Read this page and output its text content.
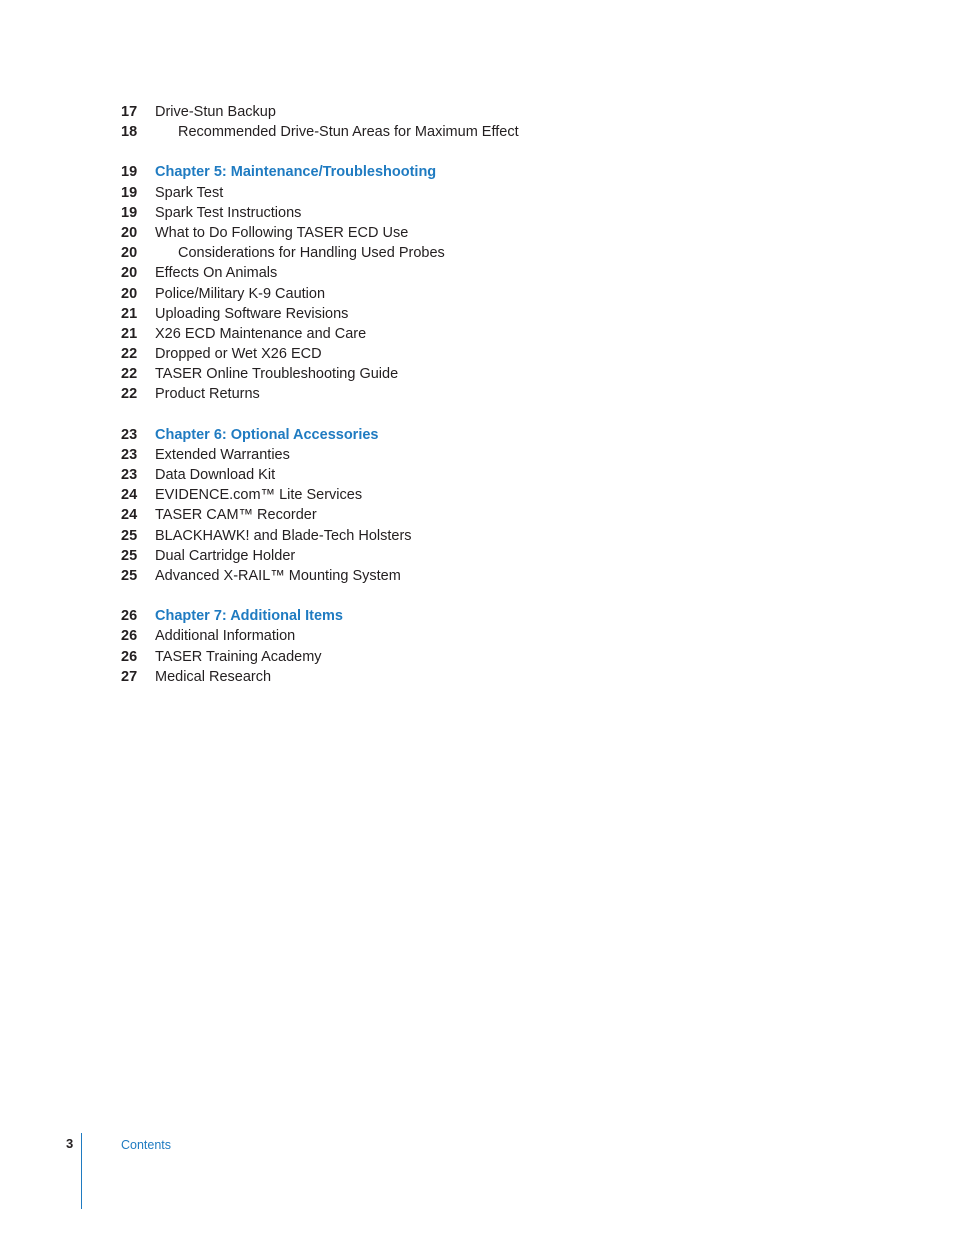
17 Drive-Stun Backup
18	Recommended Drive-Stun Areas for Maximum Effect
19 Chapter 5: Maintenance/Troubleshooting
19 Spark Test
19 Spark Test Instructions
20 What to Do Following TASER ECD Use
20	Considerations for Handling Used Probes
20 Effects On Animals
20 Police/Military K-9 Caution
21 Uploading Software Revisions
21 X26 ECD Maintenance and Care
22 Dropped or Wet X26 ECD
22 TASER Online Troubleshooting Guide
22 Product Returns
23 Chapter 6: Optional Accessories
23 Extended Warranties
23 Data Download Kit
24 EVIDENCE.com™ Lite Services
24 TASER CAM™ Recorder
25 BLACKHAWK! and Blade-Tech Holsters
25 Dual Cartridge Holder
25 Advanced X-RAIL™ Mounting System
26 Chapter 7: Additional Items
26 Additional Information
26 TASER Training Academy
27 Medical Research
3	Contents
